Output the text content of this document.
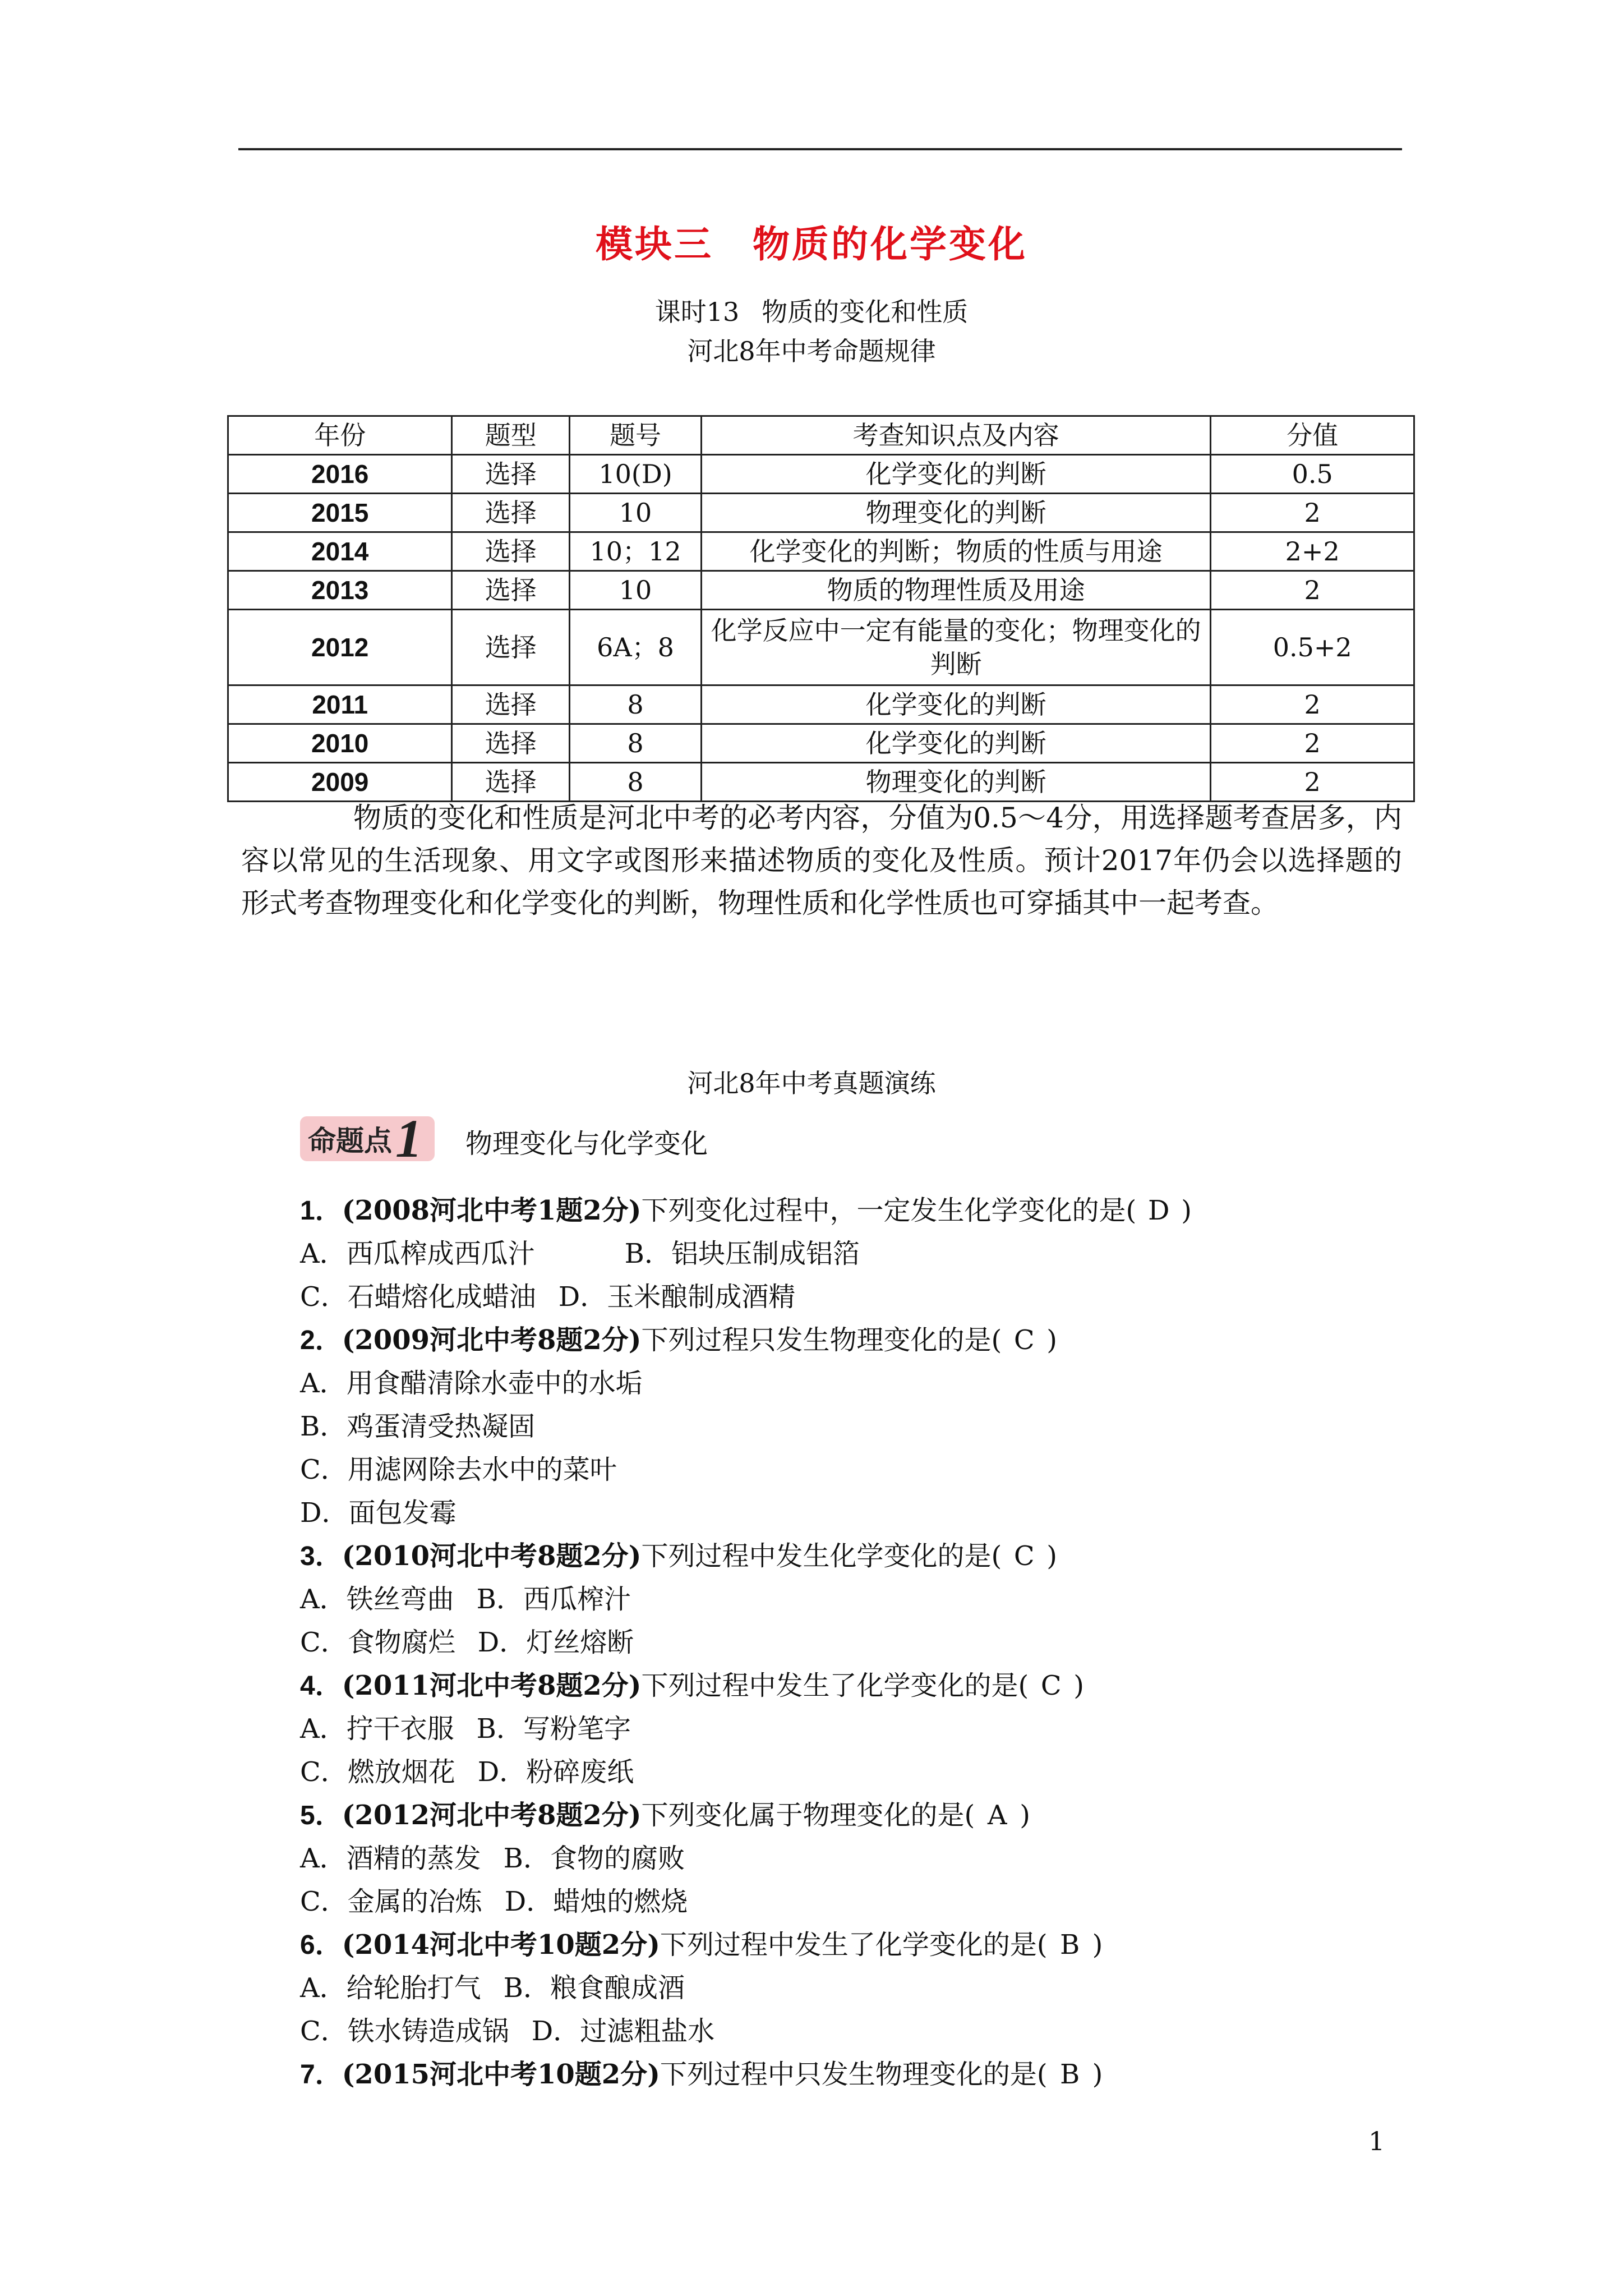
模块三 物质的化学变化
课时13 物质的变化和性质
河北8年中考命题规律
年份	题型	题号	考查知识点及内容	分值
2016	选择	10(D)	化学变化的判断	0.5
2015	选择	10	物理变化的判断	2
2014	选择	10；12	化学变化的判断；物质的性质与用途	2+2
2013	选择	10	物质的物理性质及用途	2
2012	选择	6A；8	化学反应中一定有能量的变化；物理变化的判断	0.5+2
2011	选择	8	化学变化的判断	2
2010	选择	8	化学变化的判断	2
2009	选择	8	物理变化的判断	2
物质的变化和性质是河北中考的必考内容，分值为0.5～4分，用选择题考查居多，内容以常见的生活现象、用文字或图形来描述物质的变化及性质。预计2017年仍会以选择题的形式考查物理变化和化学变化的判断，物理性质和化学性质也可穿插其中一起考查。
河北8年中考真题演练
命题点 1 物理变化与化学变化
1．(2008河北中考1题2分)下列变化过程中，一定发生化学变化的是( D )
A．西瓜榨成西瓜汁	B．铝块压制成铝箔
C．石蜡熔化成蜡油 D．玉米酿制成酒精
2．(2009河北中考8题2分)下列过程只发生物理变化的是( C )
A．用食醋清除水壶中的水垢
B．鸡蛋清受热凝固
C．用滤网除去水中的菜叶
D．面包发霉
3．(2010河北中考8题2分)下列过程中发生化学变化的是( C )
A．铁丝弯曲 B．西瓜榨汁
C．食物腐烂 D．灯丝熔断
4．(2011河北中考8题2分)下列过程中发生了化学变化的是( C )
A．拧干衣服 B．写粉笔字
C．燃放烟花 D．粉碎废纸
5．(2012河北中考8题2分)下列变化属于物理变化的是( A )
A．酒精的蒸发 B．食物的腐败
C．金属的冶炼 D．蜡烛的燃烧
6．(2014河北中考10题2分)下列过程中发生了化学变化的是( B )
A．给轮胎打气 B．粮食酿成酒
C．铁水铸造成锅 D．过滤粗盐水
7．(2015河北中考10题2分)下列过程中只发生物理变化的是( B )
1
